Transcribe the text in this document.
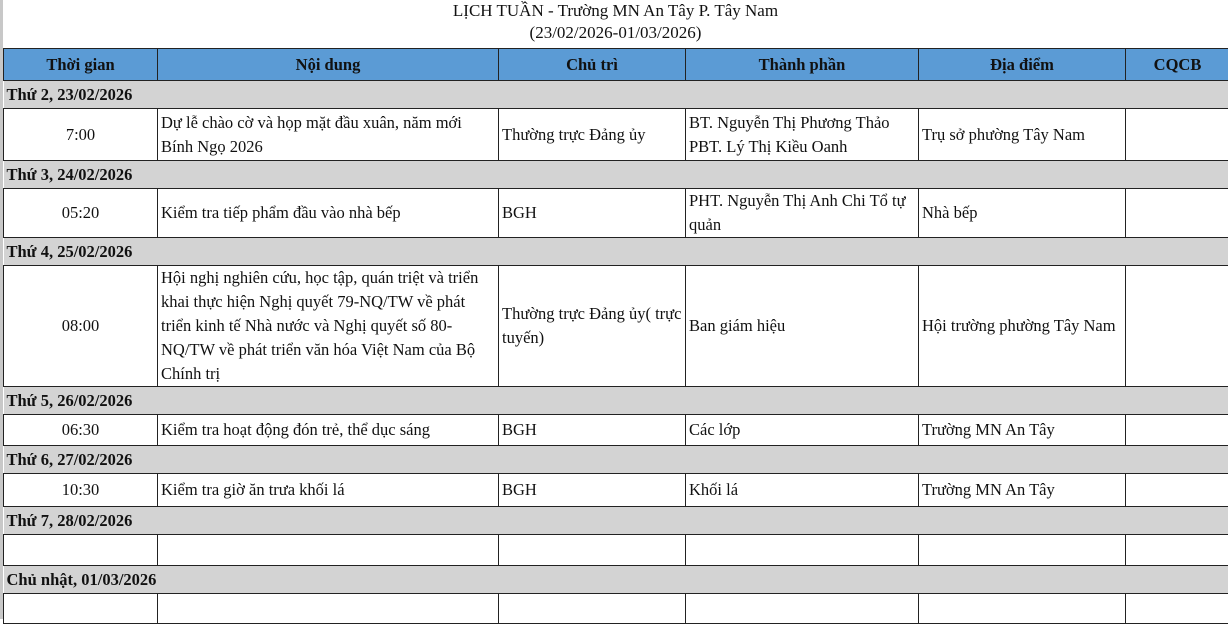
LỊCH TUẦN - Trường MN An Tây P. Tây Nam
(23/02/2026-01/03/2026)
Thời gian	Nội dung	Chủ trì	Thành phần	Địa điểm	CQCB
Thứ 2, 23/02/2026					
7:00	Dự lễ chào cờ và họp mặt đầu xuân, năm mới Bính Ngọ 2026	Thường trực Đảng ủy	BT. Nguyễn Thị Phương Thảo PBT. Lý Thị Kiều Oanh	Trụ sở phường Tây Nam	
Thứ 3, 24/02/2026					
05:20	Kiểm tra tiếp phẩm đầu vào nhà bếp	BGH	PHT. Nguyễn Thị Anh Chi Tổ tự quản	Nhà bếp	
Thứ 4, 25/02/2026					
08:00	Hội nghị nghiên cứu, học tập, quán triệt và triển khai thực hiện Nghị quyết 79-NQ/TW về phát triển kinh tế Nhà nước và Nghị quyết số 80-NQ/TW về phát triển văn hóa Việt Nam của Bộ Chính trị	Thường trực Đảng ủy( trực tuyến)	Ban giám hiệu	Hội trường phường Tây Nam	
Thứ 5, 26/02/2026					
06:30	Kiểm tra hoạt động đón trẻ, thể dục sáng	BGH	Các lớp	Trường MN An Tây	
Thứ 6, 27/02/2026					
10:30	Kiểm tra giờ ăn trưa khối lá	BGH	Khối lá	Trường MN An Tây	
Thứ 7, 28/02/2026					

Chủ nhật, 01/03/2026					
